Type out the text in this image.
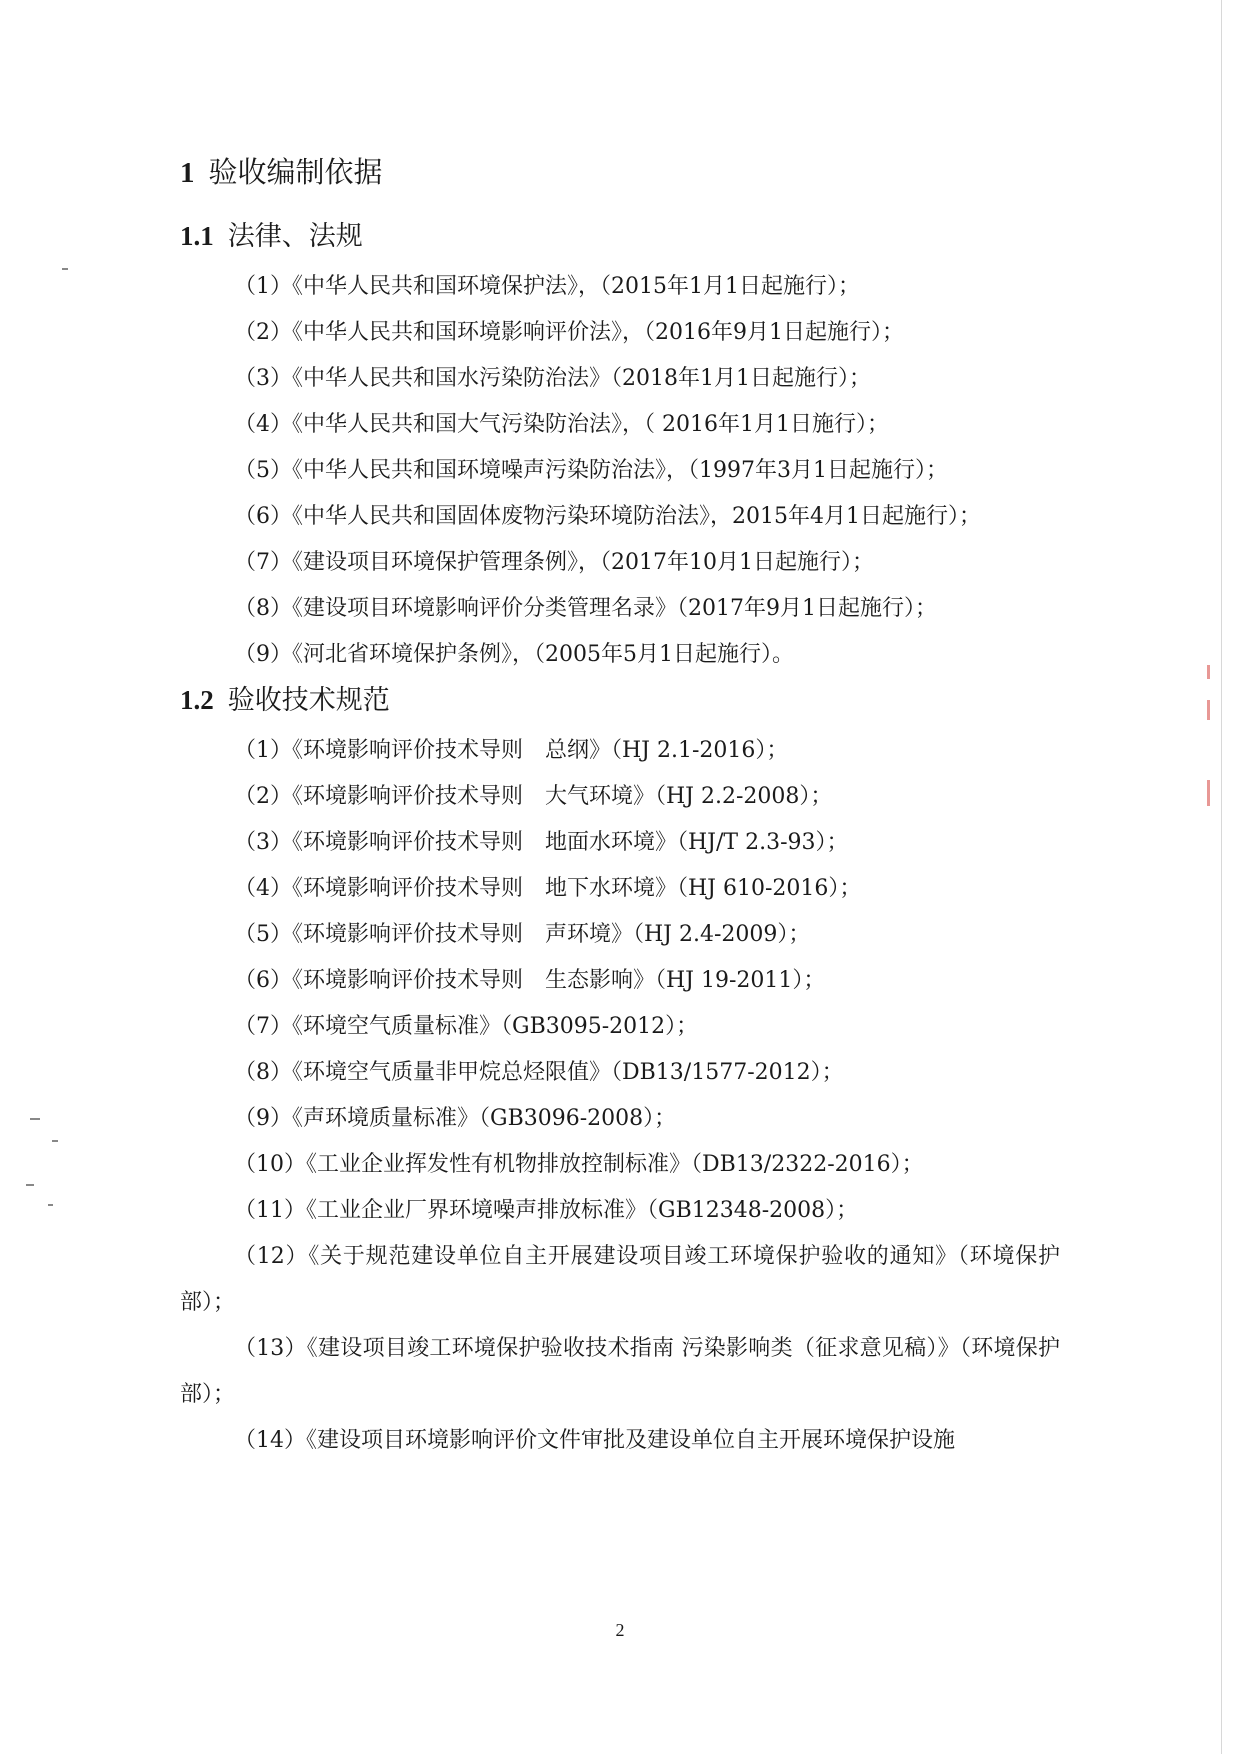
1 验收编制依据
1.1 法律、法规
（1）《中华人民共和国环境保护法》，（2015年1月1日起施行）；
（2）《中华人民共和国环境影响评价法》，（2016年9月1日起施行）；
（3）《中华人民共和国水污染防治法》（2018年1月1日起施行）；
（4）《中华人民共和国大气污染防治法》，（ 2016年1月1日施行）；
（5）《中华人民共和国环境噪声污染防治法》，（1997年3月1日起施行）；
（6）《中华人民共和国固体废物污染环境防治法》，2015年4月1日起施行）；
（7）《建设项目环境保护管理条例》，（2017年10月1日起施行）；
（8）《建设项目环境影响评价分类管理名录》（2017年9月1日起施行）；
（9）《河北省环境保护条例》，（2005年5月1日起施行）。
1.2 验收技术规范
（1）《环境影响评价技术导则　总纲》（HJ 2.1-2016）；
（2）《环境影响评价技术导则　大气环境》（HJ 2.2-2008）；
（3）《环境影响评价技术导则　地面水环境》（HJ/T 2.3-93）；
（4）《环境影响评价技术导则　地下水环境》（HJ 610-2016）；
（5）《环境影响评价技术导则　声环境》（HJ 2.4-2009）；
（6）《环境影响评价技术导则　生态影响》（HJ 19-2011）；
（7）《环境空气质量标准》（GB3095-2012）；
（8）《环境空气质量非甲烷总烃限值》（DB13/1577-2012）；
（9）《声环境质量标准》（GB3096-2008）；
（10）《工业企业挥发性有机物排放控制标准》（DB13/2322-2016）；
（11）《工业企业厂界环境噪声排放标准》（GB12348-2008）；
（12）《关于规范建设单位自主开展建设项目竣工环境保护验收的通知》（环境保护部）；
（13）《建设项目竣工环境保护验收技术指南 污染影响类（征求意见稿）》（环境保护部）；
（14）《建设项目环境影响评价文件审批及建设单位自主开展环境保护设施
2
